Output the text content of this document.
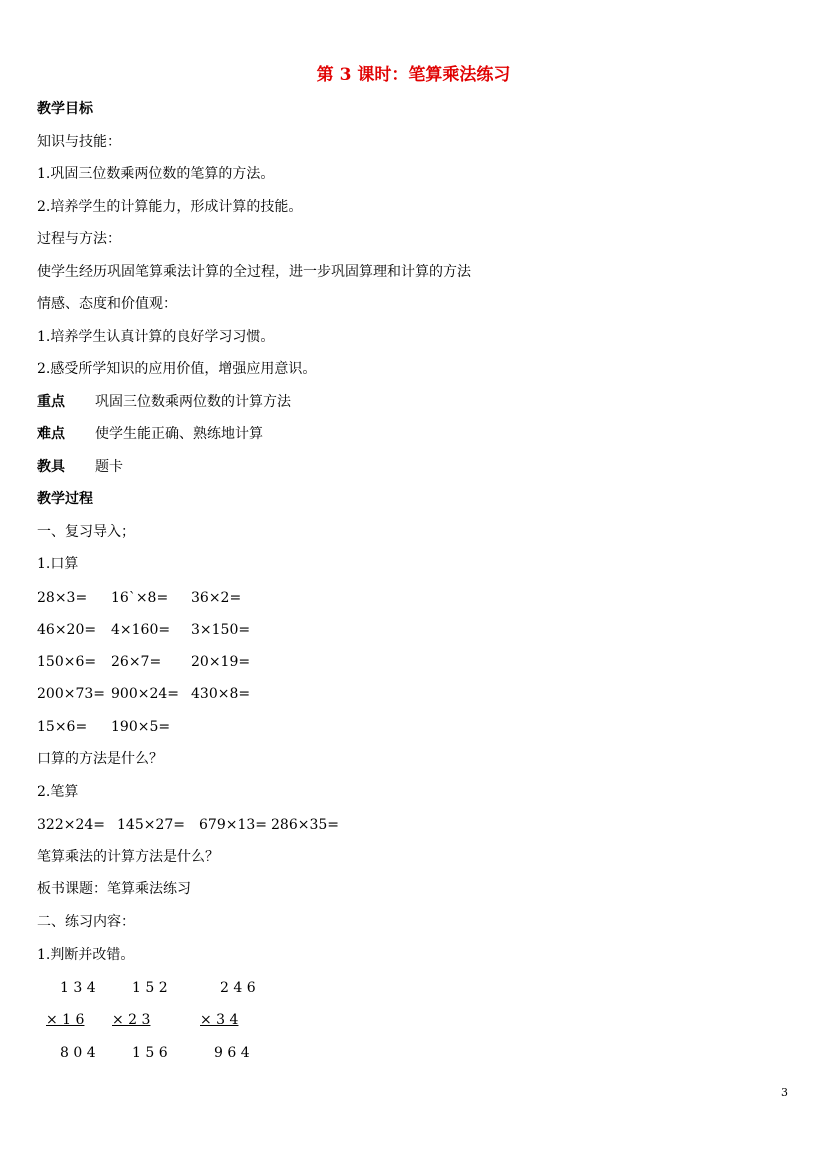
第 3 课时：笔算乘法练习
教学目标
知识与技能：
1.巩固三位数乘两位数的笔算的方法。
2.培养学生的计算能力，形成计算的技能。
过程与方法：
使学生经历巩固笔算乘法计算的全过程，进一步巩固算理和计算的方法
情感、态度和价值观：
1.培养学生认真计算的良好学习习惯。
2.感受所学知识的应用价值，增强应用意识。
重点 巩固三位数乘两位数的计算方法
难点 使学生能正确、熟练地计算
教具 题卡
教学过程
一、复习导入；
1.口算
28×3= 16`×8= 36×2=
46×20= 4×160= 3×150=
150×6= 26×7= 20×19=
200×73= 900×24= 430×8=
15×6= 190×5=
口算的方法是什么？
2.笔算
322×24= 145×27= 679×13= 286×35=
笔算乘法的计算方法是什么？
板书课题：笔算乘法练习
二、练习内容：
1.判断并改错。
1 3 4	1 5 2	2 4 6
× 1 6 × 2 3	× 3 4
8 0 4	1 5 6	9 6 4
3
